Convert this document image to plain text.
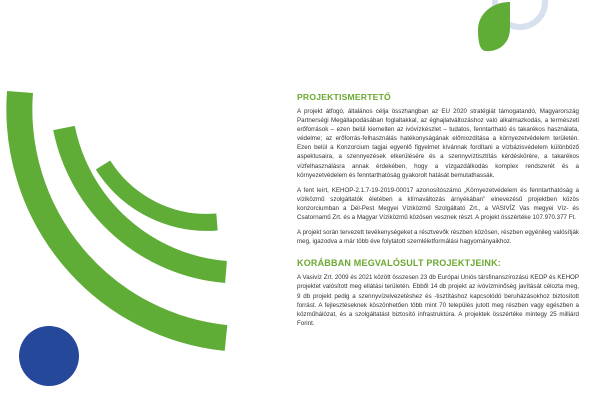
PROJEKTISMERTETŐ

A projekt átfogó, általános célja összhangban az EU 2020 stratégiát támogatandó, Magyarország Partnerségi Megállapodásában foglaltakkal, az éghajlatváltozáshoz való alkalmazkodás, a természeti erőforrások – ezen belül kiemelten az ivóvízkészlet – tudatos, fenntartható és takarékos használata, védelme; az erőforrás-felhasználás hatékonyságának előmozdítása a környezetvédelem területén. Ezen belül a Konzorcium tagjai egyenlő figyelmet kívánnak fordítani a vízbázisvédelem különböző aspektusaira, a szennyezések elkerülésére és a szennyvíztisztítás kérdéskörére, a takarékos vízfelhasználásra annak érdekében, hogy a vízgazdálkodás komplex rendszerét és a környezetvédelem és fenntarthatóság gyakorolt hatását bemutathassák.

A fent leírt, KEHOP-2.1.7-19-2019-00017 azonosítószámú „Környezetvédelem és fenntarthatóság a víziközmű szolgáltatók életében a klímaváltozás árnyékában” elnevezésű projektben közös konzorciumban a Dél-Pest Megyei Víziközmű Szolgáltató Zrt., a VASIVÍZ Vas megyei Víz- és Csatornamű Zrt. és a Magyar Víziközmű közösen vesznek részt. A projekt összértéke 107.970.377 Ft.

A projekt során tervezett tevékenységeket a résztvevők részben közösen, részben egyénileg valósítják meg, igazodva a már több éve folytatott szemléletformálási hagyományaikhoz.

KORÁBBAN MEGVALÓSULT PROJEKTJEINK:

A Vasivíz Zrt. 2009 és 2021 között összesen 23 db Európai Uniós társfinanszírozású KEOP és KEHOP projektet valósított meg ellátási területén. Ebből 14 db projekt az ivóvízminőség javítását célozta meg, 9 db projekt pedig a szennyvízelvezetéshez és -tisztításhoz kapcsolódó beruházásokhoz biztosított forrást. A fejlesztéseknek köszönhetően több mint 70 település jutott meg részben vagy egészben a közműhálózat, és a szolgáltatást biztosító infrastruktúra. A projektek összértéke mintegy 25 milliárd Forint.
